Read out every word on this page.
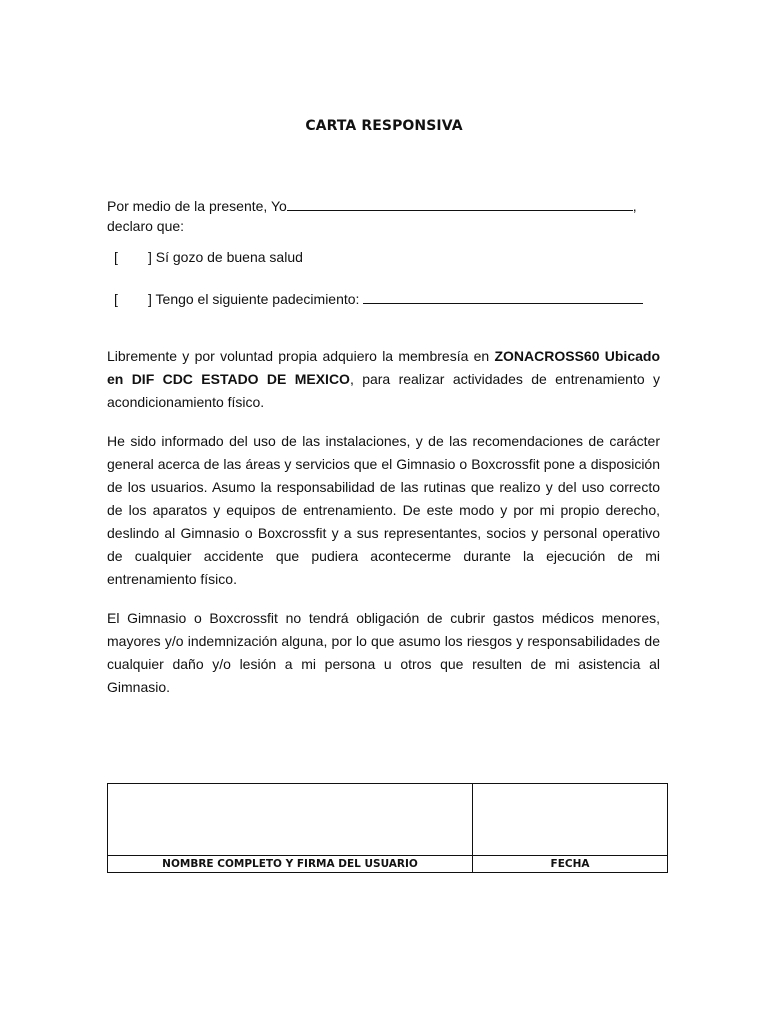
CARTA RESPONSIVA
Por medio de la presente, Yo	,
declaro que:
[ ] Sí gozo de buena salud
[ ] Tengo el siguiente padecimiento:
Libremente y por voluntad propia adquiero la membresía en ZONACROSS60 Ubicado en DIF CDC ESTADO DE MEXICO, para realizar actividades de entrenamiento y acondicionamiento físico.
He sido informado del uso de las instalaciones, y de las recomendaciones de carácter general acerca de las áreas y servicios que el Gimnasio o Boxcrossfit pone a disposición de los usuarios. Asumo la responsabilidad de las rutinas que realizo y del uso correcto de los aparatos y equipos de entrenamiento. De este modo y por mi propio derecho, deslindo al Gimnasio o Boxcrossfit y a sus representantes, socios y personal operativo de cualquier accidente que pudiera acontecerme durante la ejecución de mi entrenamiento físico.
El Gimnasio o Boxcrossfit no tendrá obligación de cubrir gastos médicos menores, mayores y/o indemnización alguna, por lo que asumo los riesgos y responsabilidades de cualquier daño y/o lesión a mi persona u otros que resulten de mi asistencia al Gimnasio.

NOMBRE COMPLETO Y FIRMA DEL USUARIO	FECHA
